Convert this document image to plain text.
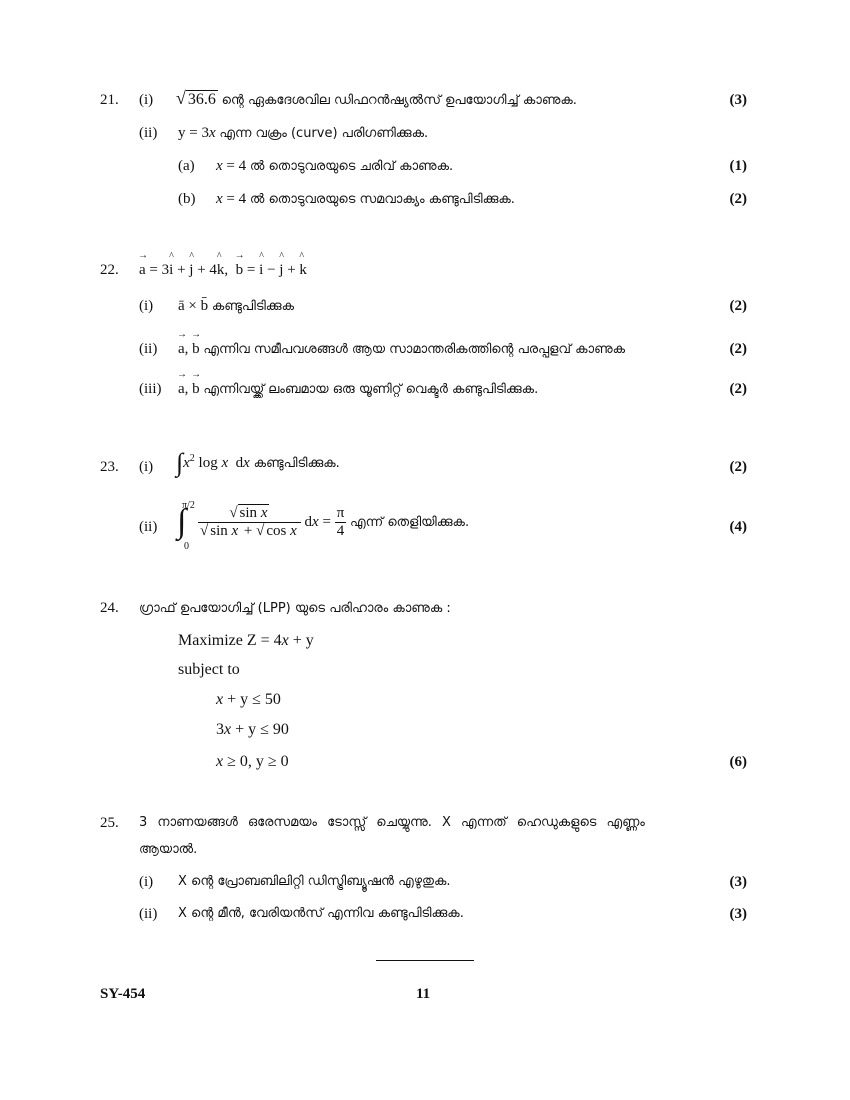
21. (i) √ 36.6 ന്റെ ഏകദേശവില ഡിഫറൻഷ്യൽസ് ഉപയോഗിച്ച് കാണുക.	(3)
(ii) y = 3x എന്ന വക്രം (curve) പരിഗണിക്കുക.
(a) x = 4 ൽ തൊടുവരയുടെ ചരിവ് കാണുക.	(1)
(b) x = 4 ൽ തൊടുവരയുടെ സമവാക്യം കണ്ടുപിടിക്കുക.	(2)
22. → a = 3^ i + ^ j + 4^ k,  → b = ^ i − ^ j + ^ k
(i) ā × b̄ കണ്ടുപിടിക്കുക	(2)
(ii) → a, → b എന്നിവ സമീപവശങ്ങൾ ആയ സാമാന്തരികത്തിന്റെ പരപ്പളവ് കാണുക	(2)
(iii) → a, → b എന്നിവയ്ക്ക് ലംബമായ ഒരു യൂണിറ്റ് വെക്ടർ കണ്ടുപിടിക്കുക.	(2)
23. (i) $\int x^2$ log x  dx കണ്ടുപിടിക്കുക.	(2)
(ii)
π/2
∫
0
$\frac{\text{√ sin x}}{\text{√ sin x + √ cos x}}$ dx = $\frac{\pi}{4}$ എന്ന് തെളിയിക്കുക.	(4)
24. ഗ്രാഫ് ഉപയോഗിച്ച് (LPP) യുടെ പരിഹാരം കാണുക :
Maximize Z = 4x + y
subject to
x + y ≤ 50
3x + y ≤ 90
x ≥ 0, y ≥ 0	(6)
25. 3 നാണയങ്ങൾ ഒരേസമയം ടോസ്സ് ചെയ്യുന്നു. X എന്നത് ഹെഡുകളുടെ എണ്ണം
ആയാൽ.
(i) X ന്റെ പ്രോബബിലിറ്റി ഡിസ്ട്രിബ്യൂഷൻ എഴുതുക.	(3)
(ii) X ന്റെ മീൻ, വേരിയൻസ് എന്നിവ കണ്ടുപിടിക്കുക.	(3)
SY-454	11
